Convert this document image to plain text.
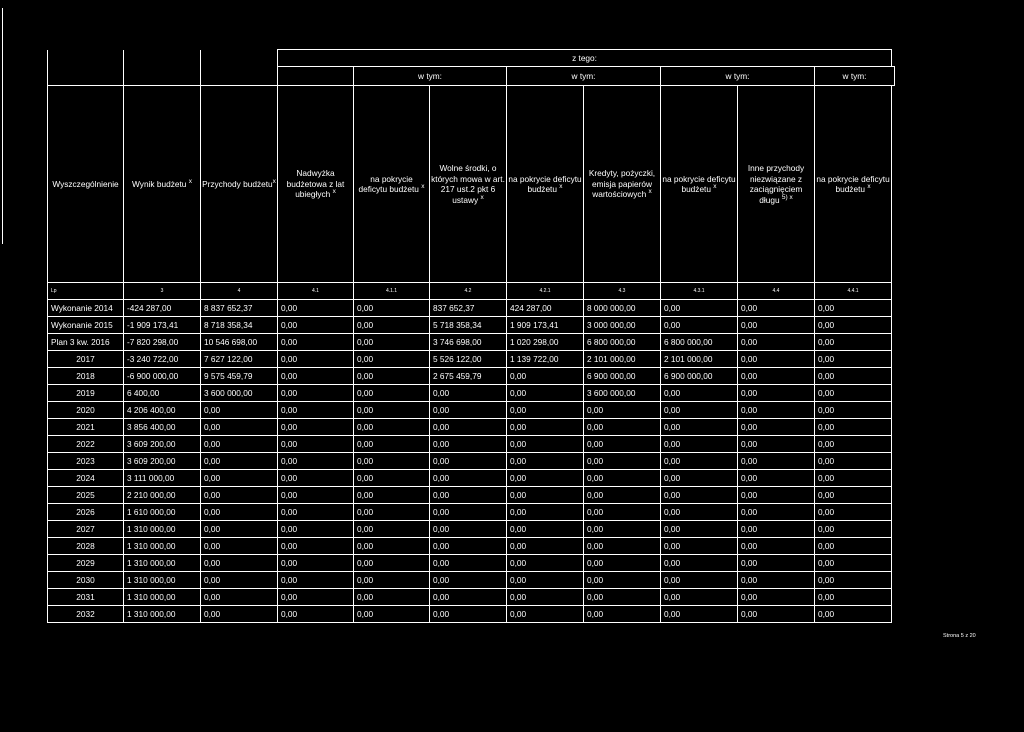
			z tego:							
				w tym:		w tym:		w tym:		w tym:
Wyszczególnienie	Wynik budżetu $^x$	Przychody budżetu$^x$	Nadwyżka budżetowa z lat ubiegłych $^x$	na pokrycie deficytu budżetu $^x$	Wolne środki, o których mowa w art. 217 ust.2 pkt 6 ustawy $^x$	na pokrycie deficytu budżetu $^x$	Kredyty, pożyczki, emisja papierów wartościowych $^x$	na pokrycie deficytu budżetu $^x$	Inne przychody niezwiązane z zaciągnięciem długu $^{5) x}$	na pokrycie deficytu budżetu $^x$
Lp	3	4	4.1	4.1.1	4.2	4.2.1	4.3	4.3.1	4.4	4.4.1
Wykonanie 2014	-424 287,00	8 837 652,37	0,00	0,00	837 652,37	424 287,00	8 000 000,00	0,00	0,00	0,00
Wykonanie 2015	-1 909 173,41	8 718 358,34	0,00	0,00	5 718 358,34	1 909 173,41	3 000 000,00	0,00	0,00	0,00
Plan 3 kw. 2016	-7 820 298,00	10 546 698,00	0,00	0,00	3 746 698,00	1 020 298,00	6 800 000,00	6 800 000,00	0,00	0,00
2017	-3 240 722,00	7 627 122,00	0,00	0,00	5 526 122,00	1 139 722,00	2 101 000,00	2 101 000,00	0,00	0,00
2018	-6 900 000,00	9 575 459,79	0,00	0,00	2 675 459,79	0,00	6 900 000,00	6 900 000,00	0,00	0,00
2019	6 400,00	3 600 000,00	0,00	0,00	0,00	0,00	3 600 000,00	0,00	0,00	0,00
2020	4 206 400,00	0,00	0,00	0,00	0,00	0,00	0,00	0,00	0,00	0,00
2021	3 856 400,00	0,00	0,00	0,00	0,00	0,00	0,00	0,00	0,00	0,00
2022	3 609 200,00	0,00	0,00	0,00	0,00	0,00	0,00	0,00	0,00	0,00
2023	3 609 200,00	0,00	0,00	0,00	0,00	0,00	0,00	0,00	0,00	0,00
2024	3 111 000,00	0,00	0,00	0,00	0,00	0,00	0,00	0,00	0,00	0,00
2025	2 210 000,00	0,00	0,00	0,00	0,00	0,00	0,00	0,00	0,00	0,00
2026	1 610 000,00	0,00	0,00	0,00	0,00	0,00	0,00	0,00	0,00	0,00
2027	1 310 000,00	0,00	0,00	0,00	0,00	0,00	0,00	0,00	0,00	0,00
2028	1 310 000,00	0,00	0,00	0,00	0,00	0,00	0,00	0,00	0,00	0,00
2029	1 310 000,00	0,00	0,00	0,00	0,00	0,00	0,00	0,00	0,00	0,00
2030	1 310 000,00	0,00	0,00	0,00	0,00	0,00	0,00	0,00	0,00	0,00
2031	1 310 000,00	0,00	0,00	0,00	0,00	0,00	0,00	0,00	0,00	0,00
2032	1 310 000,00	0,00	0,00	0,00	0,00	0,00	0,00	0,00	0,00	0,00
Strona 5 z 20
